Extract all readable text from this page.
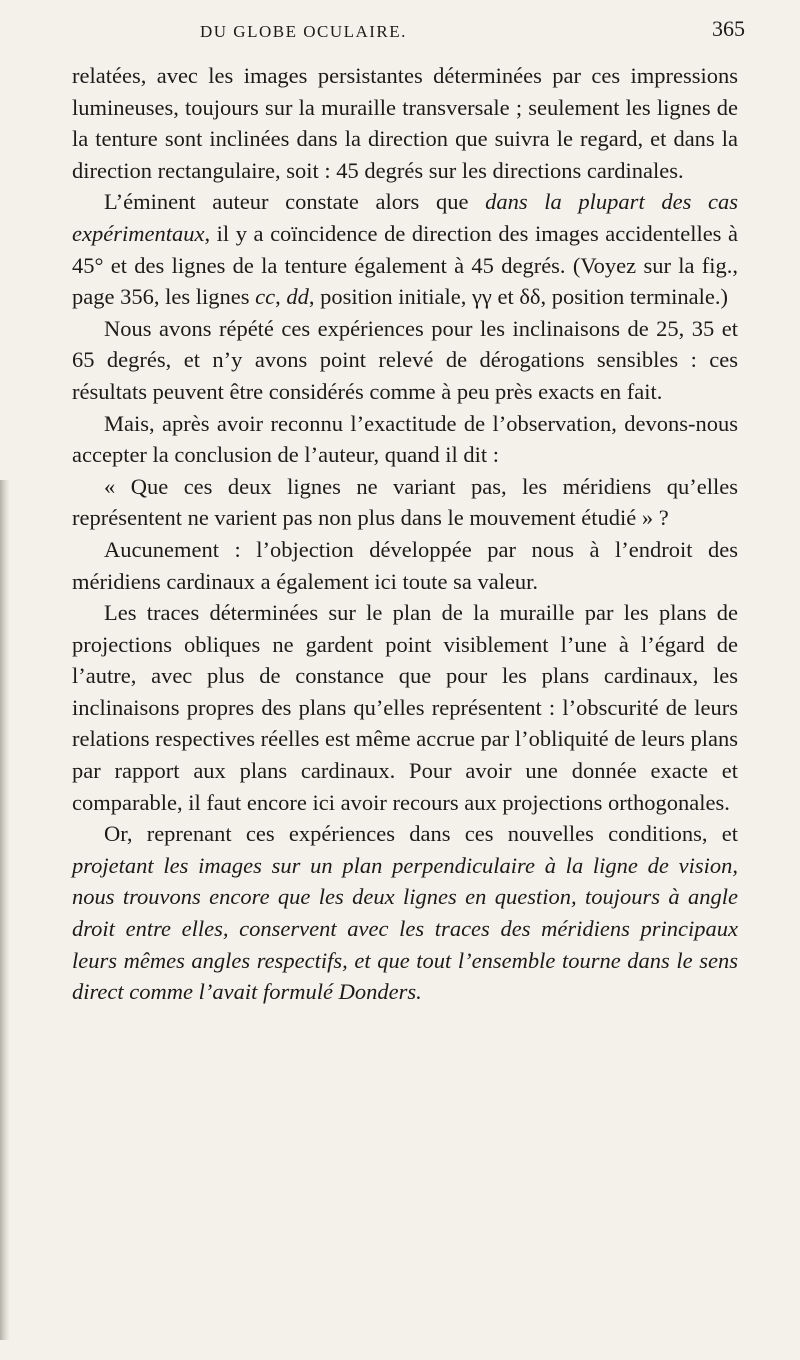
DU GLOBE OCULAIRE.	365

relatées, avec les images persistantes déterminées par ces impressions lumineuses, toujours sur la muraille transversale ; seulement les lignes de la tenture sont inclinées dans la direction que suivra le regard, et dans la direction rectangulaire, soit : 45 degrés sur les directions cardinales.

L’éminent auteur constate alors que dans la plupart des cas expérimentaux, il y a coïncidence de direction des images accidentelles à 45° et des lignes de la tenture également à 45 degrés. (Voyez sur la fig., page 356, les lignes cc, dd, position initiale, γγ et δδ, position terminale.)

Nous avons répété ces expériences pour les inclinaisons de 25, 35 et 65 degrés, et n’y avons point relevé de dérogations sensibles : ces résultats peuvent être considérés comme à peu près exacts en fait.

Mais, après avoir reconnu l’exactitude de l’observation, devons-nous accepter la conclusion de l’auteur, quand il dit :

« Que ces deux lignes ne variant pas, les méridiens qu’elles représentent ne varient pas non plus dans le mouvement étudié » ?

Aucunement : l’objection développée par nous à l’endroit des méridiens cardinaux a également ici toute sa valeur.

Les traces déterminées sur le plan de la muraille par les plans de projections obliques ne gardent point visiblement l’une à l’égard de l’autre, avec plus de constance que pour les plans cardinaux, les inclinaisons propres des plans qu’elles représentent : l’obscurité de leurs relations respectives réelles est même accrue par l’obliquité de leurs plans par rapport aux plans cardinaux. Pour avoir une donnée exacte et comparable, il faut encore ici avoir recours aux projections orthogonales.

Or, reprenant ces expériences dans ces nouvelles conditions, et projetant les images sur un plan perpendiculaire à la ligne de vision, nous trouvons encore que les deux lignes en question, toujours à angle droit entre elles, conservent avec les traces des méridiens principaux leurs mêmes angles respectifs, et que tout l’ensemble tourne dans le sens direct comme l’avait formulé Donders.
